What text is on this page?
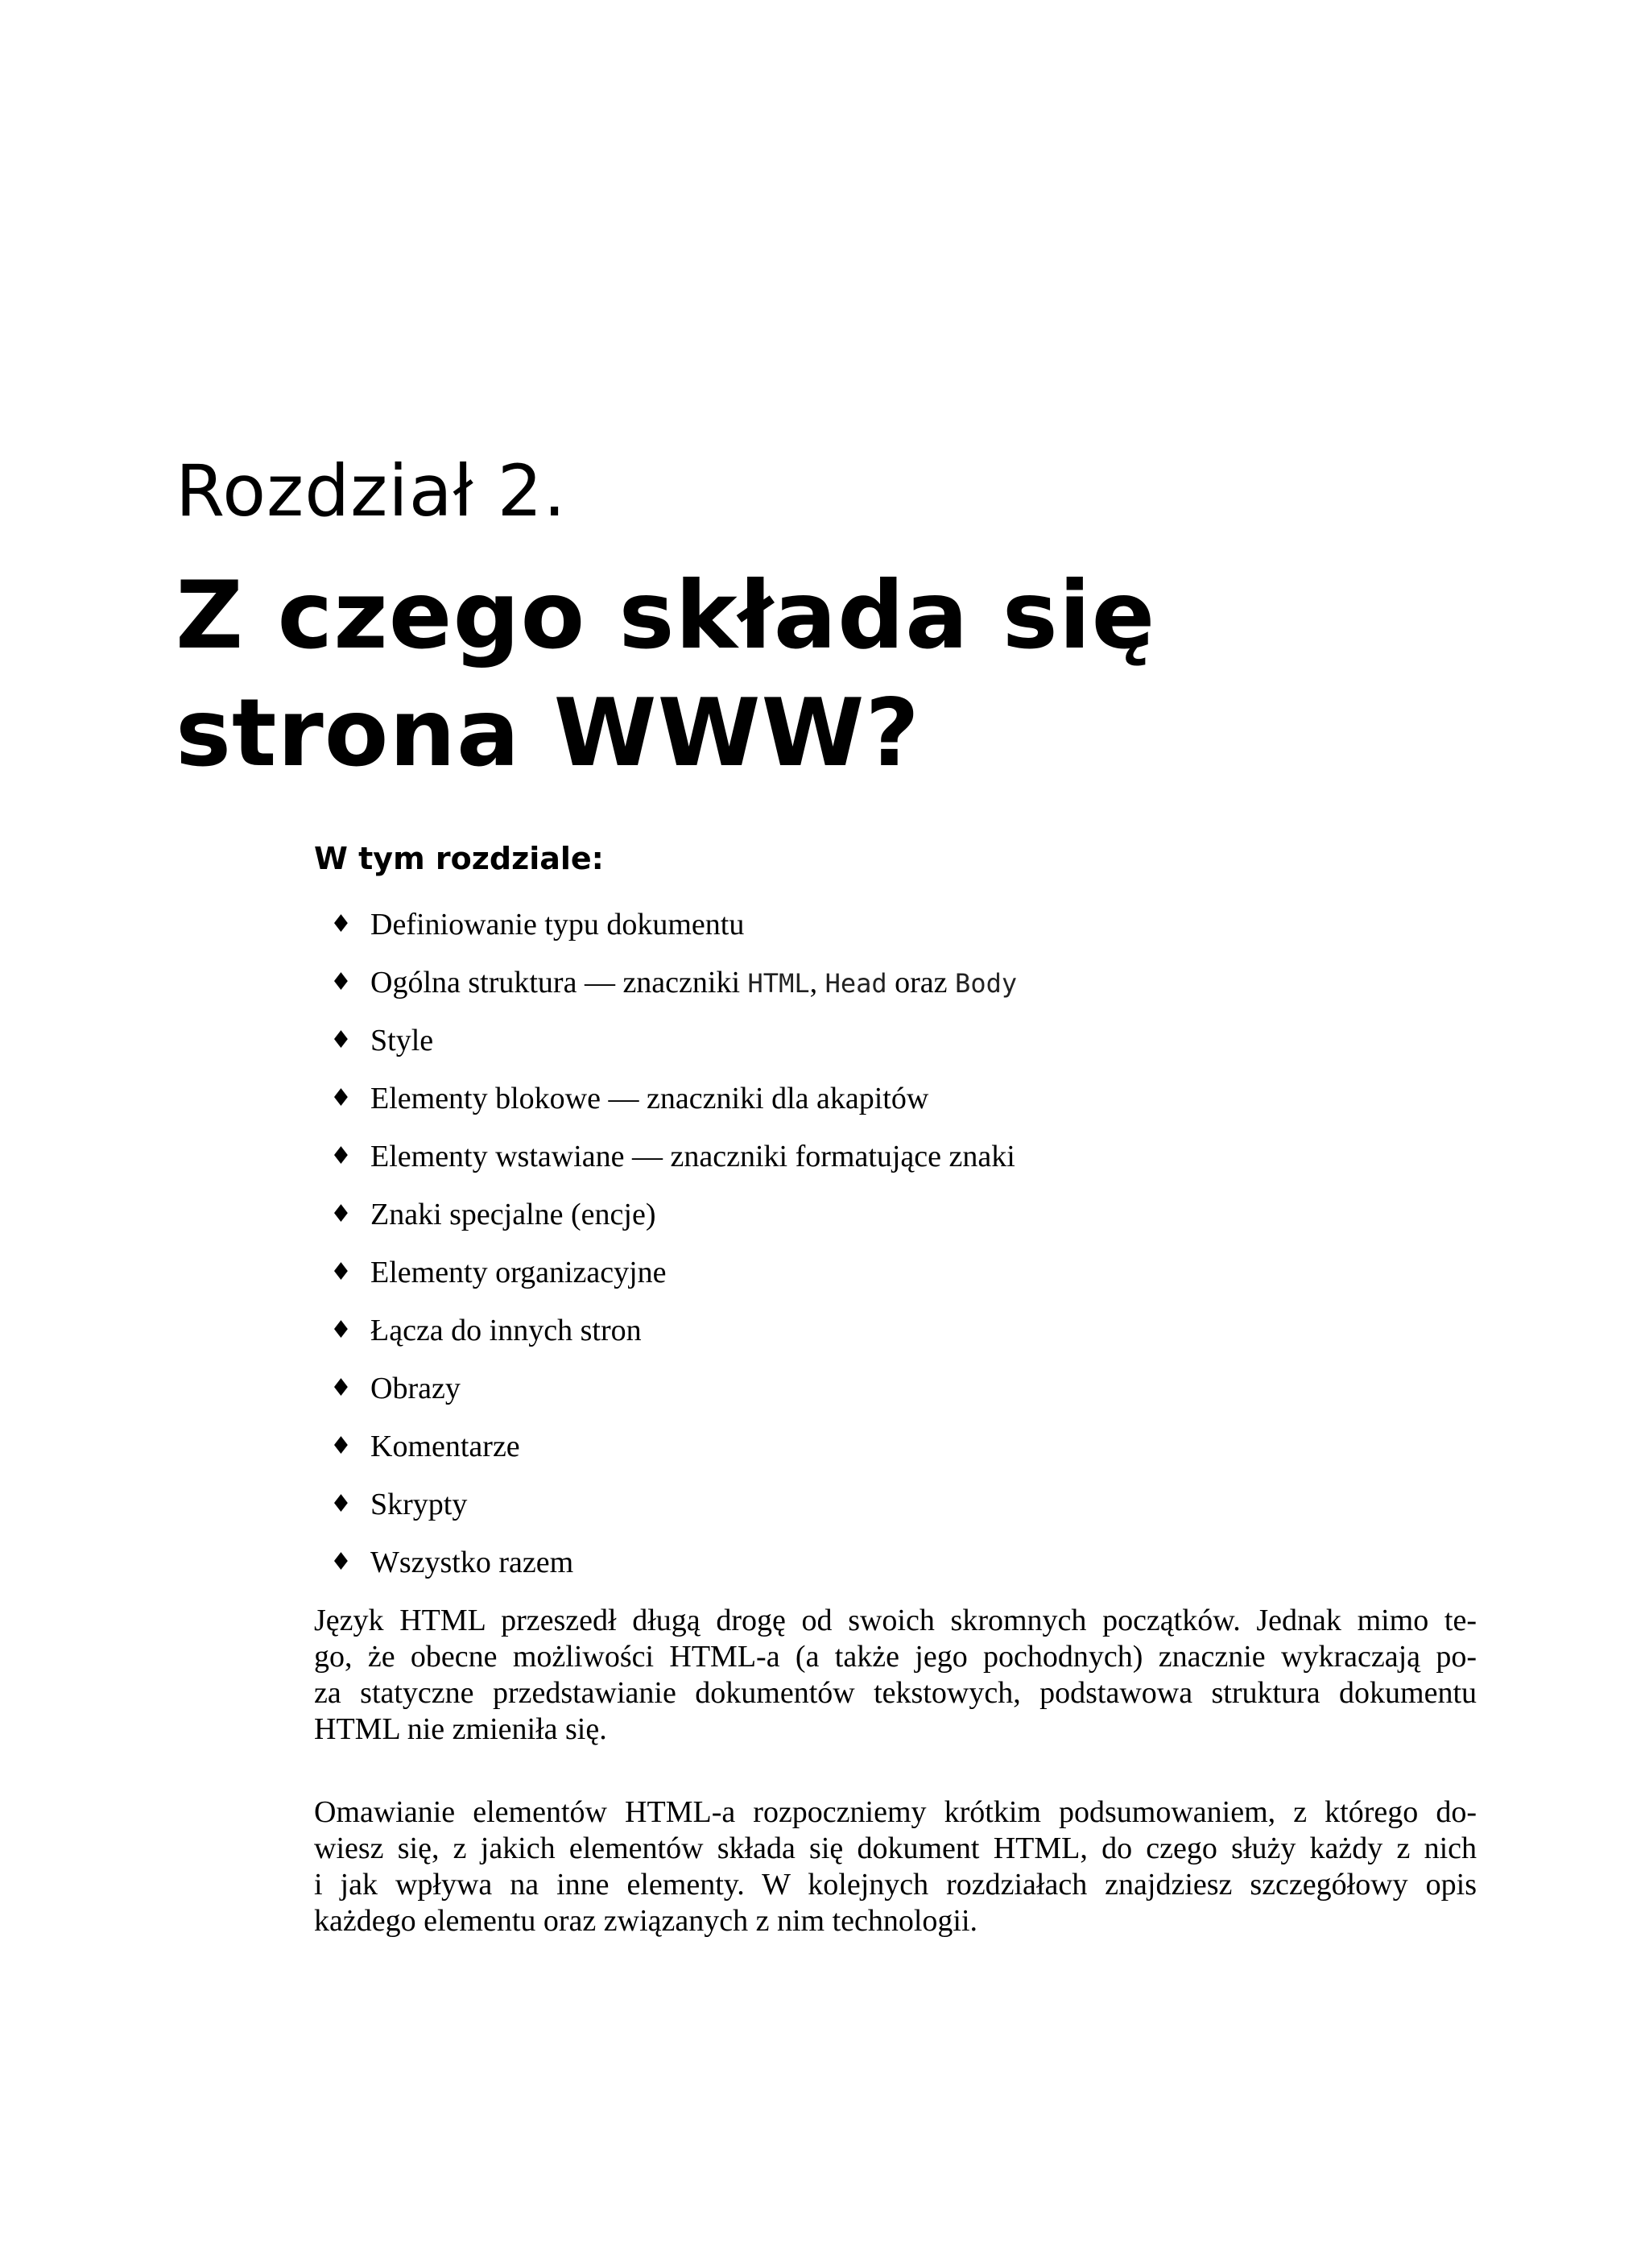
Rozdział 2.
Z czego składa się
strona WWW?
W tym rozdziale:
♦ Definiowanie typu dokumentu
♦ Ogólna struktura — znaczniki HTML, Head oraz Body
♦ Style
♦ Elementy blokowe — znaczniki dla akapitów
♦ Elementy wstawiane — znaczniki formatujące znaki
♦ Znaki specjalne (encje)
♦ Elementy organizacyjne
♦ Łącza do innych stron
♦ Obrazy
♦ Komentarze
♦ Skrypty
♦ Wszystko razem

Język HTML przeszedł długą drogę od swoich skromnych początków. Jednak mimo te-
go, że obecne możliwości HTML-a (a także jego pochodnych) znacznie wykraczają po-
za statyczne przedstawianie dokumentów tekstowych, podstawowa struktura dokumentu
HTML nie zmieniła się.

Omawianie elementów HTML-a rozpoczniemy krótkim podsumowaniem, z którego do-
wiesz się, z jakich elementów składa się dokument HTML, do czego służy każdy z nich
i jak wpływa na inne elementy. W kolejnych rozdziałach znajdziesz szczegółowy opis
każdego elementu oraz związanych z nim technologii.
